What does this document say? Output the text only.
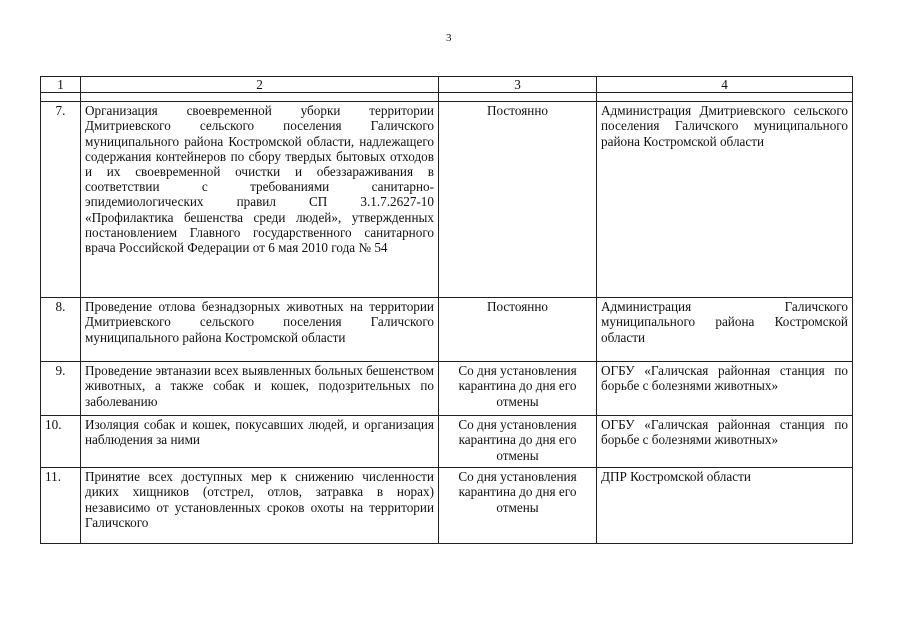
3
1	2	3	4

7.	Организация своевременной уборки территории Дмитриевского сельского поселения Галичского муниципального района Костромской области, надлежащего содержания контейнеров по сбору твердых бытовых отходов и их своевременной очистки и обеззараживания в соответствии с требованиями санитарно-эпидемиологических правил СП 3.1.7.2627-10 «Профилактика бешенства среди людей», утвержденных постановлением Главного государственного санитарного врача Российской Федерации от 6 мая 2010 года № 54	Постоянно	Администрация Дмитриевского сельского поселения Галичского муниципального района Костромской области
8.	Проведение отлова безнадзорных животных на территории Дмитриевского сельского поселения Галичского муниципального района Костромской области	Постоянно	Администрация Галичского муниципального района Костромской области
9.	Проведение эвтаназии всех выявленных больных бешенством животных, а также собак и кошек, подозрительных по заболеванию	Со дня установления карантина до дня его отмены	ОГБУ «Галичская районная станция по борьбе с болезнями животных»
10.	Изоляция собак и кошек, покусавших людей, и организация наблюдения за ними	Со дня установления карантина до дня его отмены	ОГБУ «Галичская районная станция по борьбе с болезнями животных»
11.	Принятие всех доступных мер к снижению численности диких хищников (отстрел, отлов, затравка в норах) независимо от установленных сроков охоты на территории Галичского	Со дня установления карантина до дня его отмены	ДПР Костромской области
